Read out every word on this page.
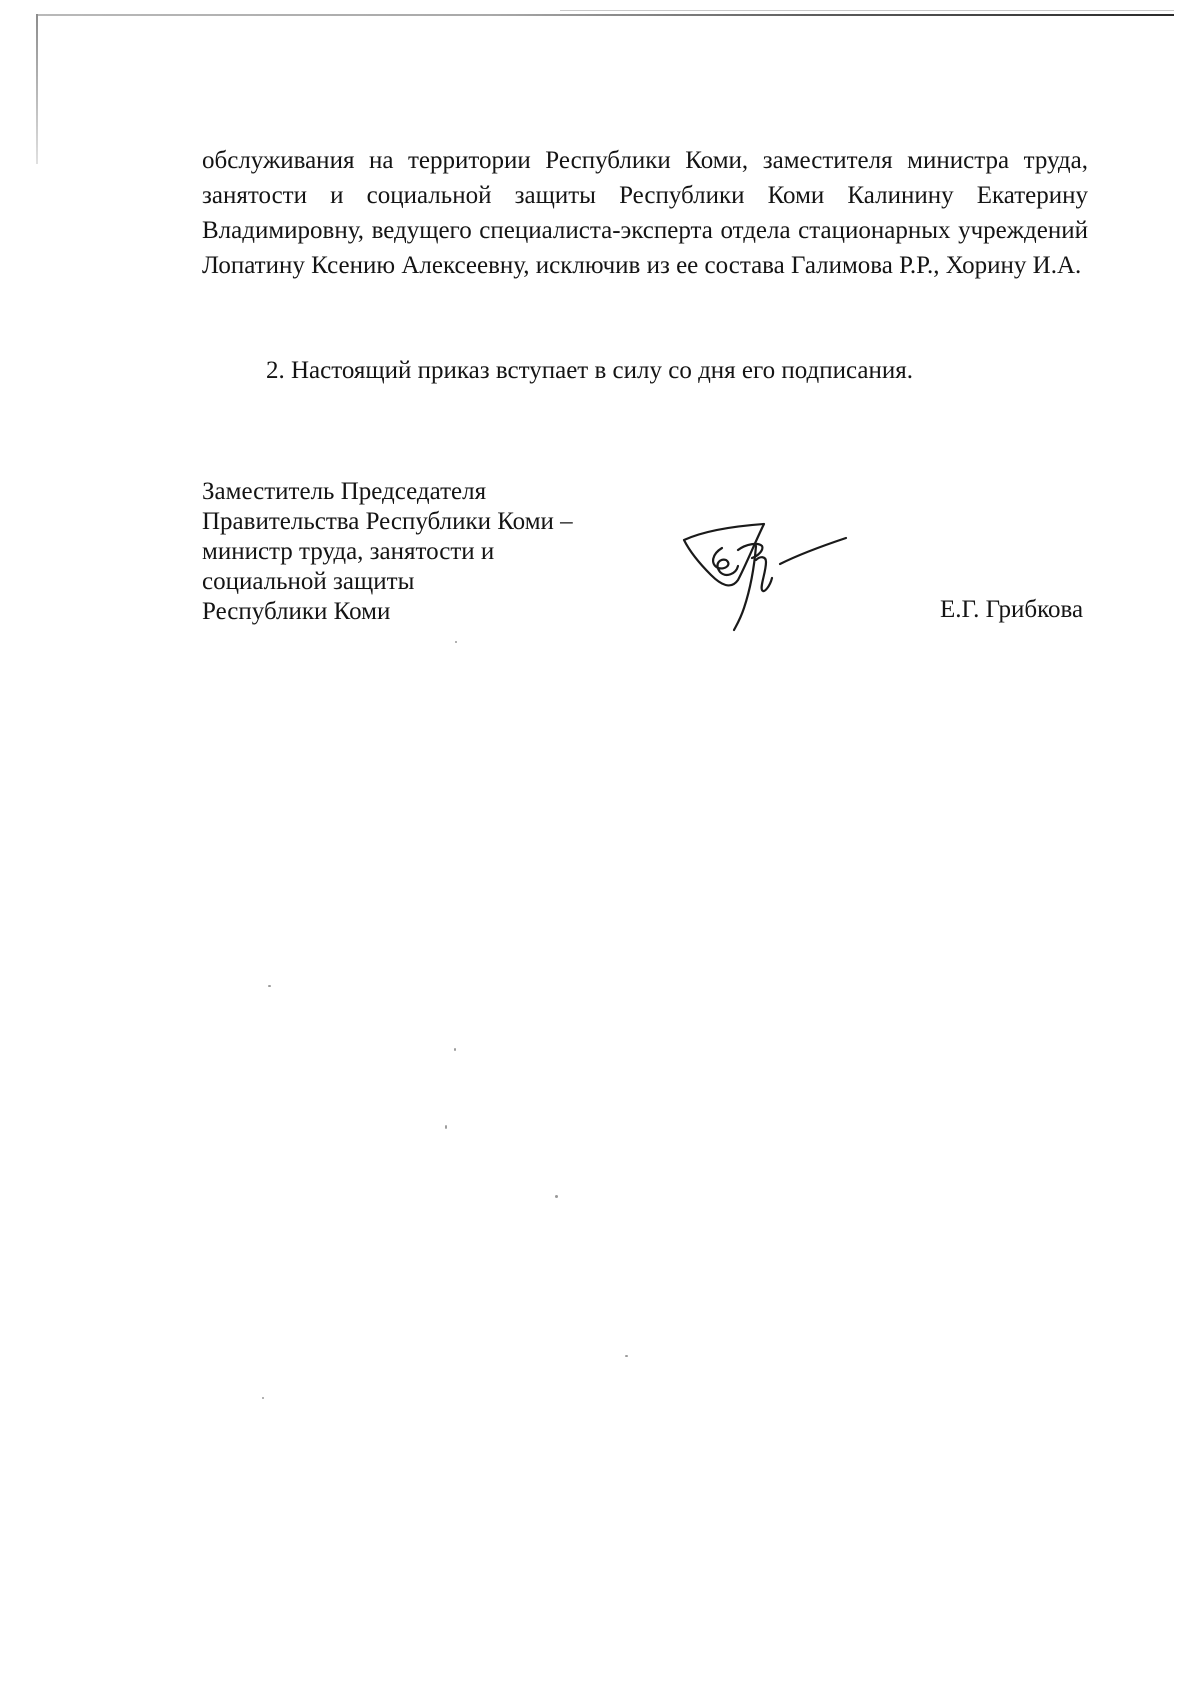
обслуживания на территории Республики Коми, заместителя министра труда, занятости и социальной защиты Республики Коми Калинину Екатерину Владимировну, ведущего специалиста-эксперта отдела стационарных учреждений Лопатину Ксению Алексеевну, исключив из ее состава Галимова Р.Р., Хорину И.А.

2. Настоящий приказ вступает в силу со дня его подписания.

Заместитель Председателя
Правительства Республики Коми –
министр труда, занятости и
социальной защиты
Республики Коми	Е.Г. Грибкова
